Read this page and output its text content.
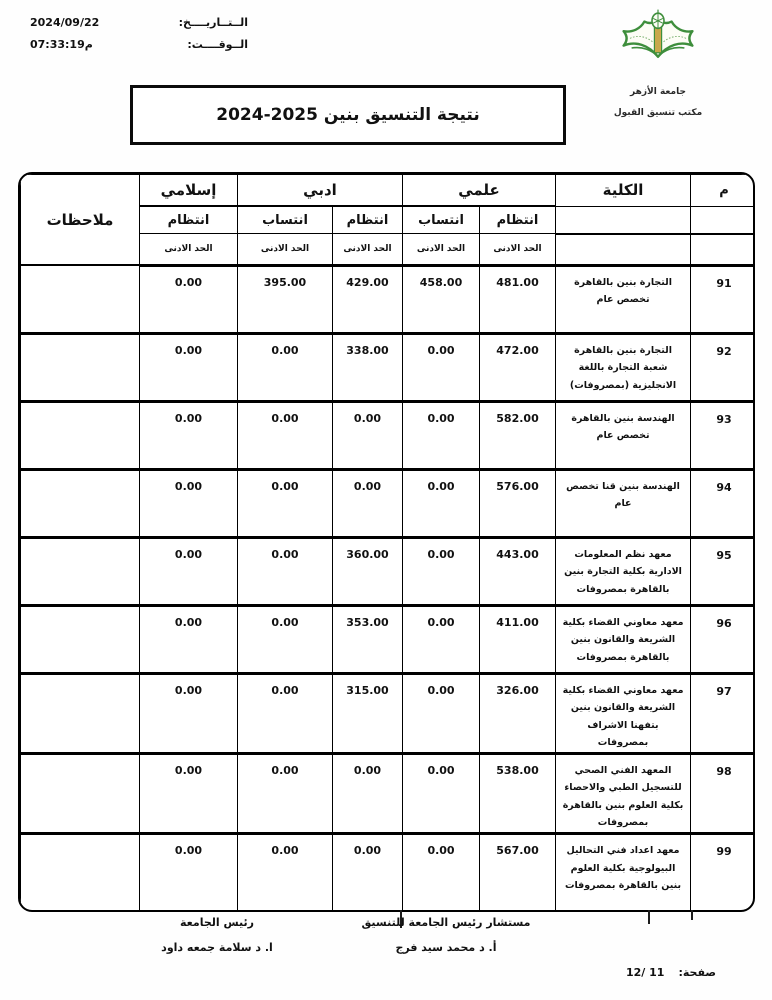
الــتــاريــــخ:
2024/09/22
الــوقــــت:
07:33:19م
جامعة الأزهر
مكتب تنسيق القبول
نتيجة التنسيق بنين 2025-2024
م	الكلية	علمي		ادبي		إسلامي	ملاحظات
		انتظام	انتساب	انتظام	انتساب	انتظام	
		الحد الادنى	الحد الادنى	الحد الادنى	الحد الادنى	الحد الادنى	
91	التجارة بنين بالقاهرة تخصص عام	481.00	458.00	429.00	395.00	0.00	
92	التجارة بنين بالقاهرة شعبة التجارة باللغة الانجليزية (بمصروفات)	472.00	0.00	338.00	0.00	0.00	
93	الهندسة بنين بالقاهرة تخصص عام	582.00	0.00	0.00	0.00	0.00	
94	الهندسة بنين قنا تخصص عام	576.00	0.00	0.00	0.00	0.00	
95	معهد نظم المعلومات الادارية بكلية التجارة بنين بالقاهرة بمصروفات	443.00	0.00	360.00	0.00	0.00	
96	معهد معاوني القضاء بكلية الشريعة والقانون بنين بالقاهرة بمصروفات	411.00	0.00	353.00	0.00	0.00	
97	معهد معاوني القضاء بكلية الشريعة والقانون بنين بتفهنا الاشراف بمصروفات	326.00	0.00	315.00	0.00	0.00	
98	المعهد الفني الصحي للتسجيل الطبي والاحصاء بكلية العلوم بنين بالقاهرة بمصروفات	538.00	0.00	0.00	0.00	0.00	
99	معهد اعداد فني التحاليل البيولوجية بكلية العلوم بنين بالقاهرة بمصروفات	567.00	0.00	0.00	0.00	0.00	
مستشار رئيس الجامعة للتنسيق
أ. د محمد سيد فرج
رئيس الجامعة
ا. د سلامة جمعه داود
صفحة:
12/ 11
